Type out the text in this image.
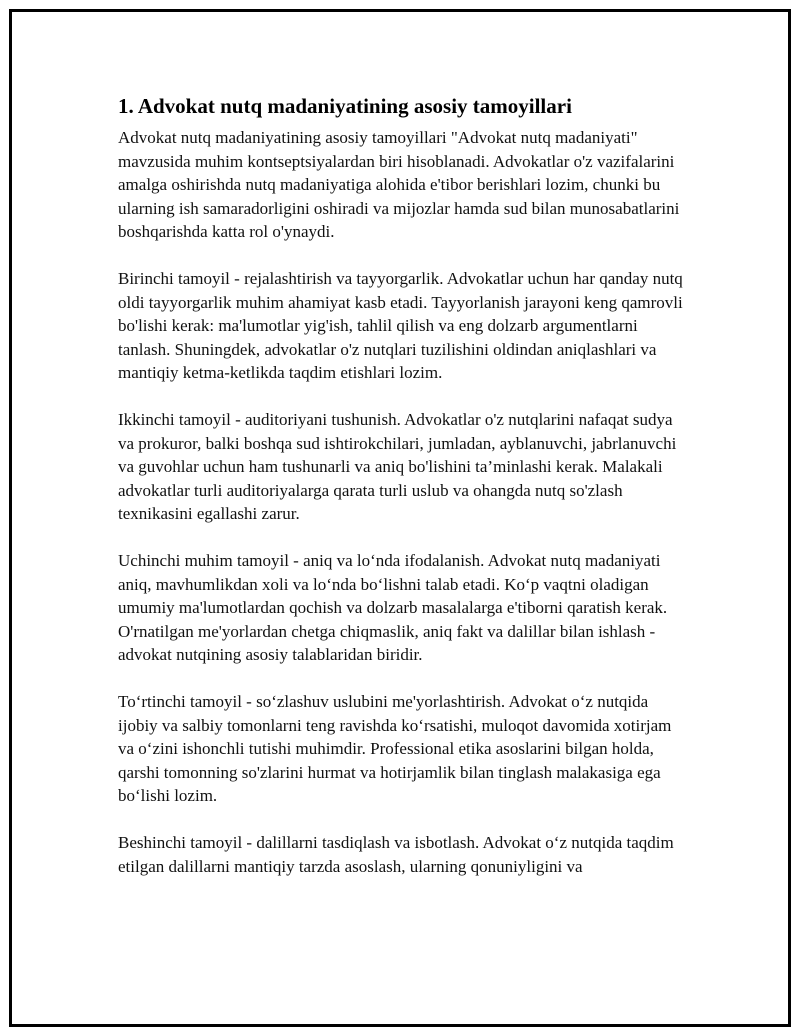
1. Advokat nutq madaniyatining asosiy tamoyillari

Advokat nutq madaniyatining asosiy tamoyillari "Advokat nutq madaniyati" mavzusida muhim kontseptsiyalardan biri hisoblanadi. Advokatlar o'z vazifalarini amalga oshirishda nutq madaniyatiga alohida e'tibor berishlari lozim, chunki bu ularning ish samaradorligini oshiradi va mijozlar hamda sud bilan munosabatlarini boshqarishda katta rol o'ynaydi.

Birinchi tamoyil - rejalashtirish va tayyorgarlik. Advokatlar uchun har qanday nutq oldi tayyorgarlik muhim ahamiyat kasb etadi. Tayyorlanish jarayoni keng qamrovli bo'lishi kerak: ma'lumotlar yig'ish, tahlil qilish va eng dolzarb argumentlarni tanlash. Shuningdek, advokatlar o'z nutqlari tuzilishini oldindan aniqlashlari va mantiqiy ketma-ketlikda taqdim etishlari lozim.

Ikkinchi tamoyil - auditoriyani tushunish. Advokatlar o'z nutqlarini nafaqat sudya va prokuror, balki boshqa sud ishtirokchilari, jumladan, ayblanuvchi, jabrlanuvchi va guvohlar uchun ham tushunarli va aniq bo'lishini ta’minlashi kerak. Malakali advokatlar turli auditoriyalarga qarata turli uslub va ohangda nutq so'zlash texnikasini egallashi zarur.

Uchinchi muhim tamoyil - aniq va lo‘nda ifodalanish. Advokat nutq madaniyati aniq, mavhumlikdan xoli va lo‘nda bo‘lishni talab etadi. Ko‘p vaqtni oladigan umumiy ma'lumotlardan qochish va dolzarb masalalarga e'tiborni qaratish kerak. O'rnatilgan me'yorlardan chetga chiqmaslik, aniq fakt va dalillar bilan ishlash - advokat nutqining asosiy talablaridan biridir.

To‘rtinchi tamoyil - so‘zlashuv uslubini me'yorlashtirish. Advokat o‘z nutqida ijobiy va salbiy tomonlarni teng ravishda ko‘rsatishi, muloqot davomida xotirjam va o‘zini ishonchli tutishi muhimdir. Professional etika asoslarini bilgan holda, qarshi tomonning so'zlarini hurmat va hotirjamlik bilan tinglash malakasiga ega bo‘lishi lozim.

Beshinchi tamoyil - dalillarni tasdiqlash va isbotlash. Advokat o‘z nutqida taqdim etilgan dalillarni mantiqiy tarzda asoslash, ularning qonuniyligini va
